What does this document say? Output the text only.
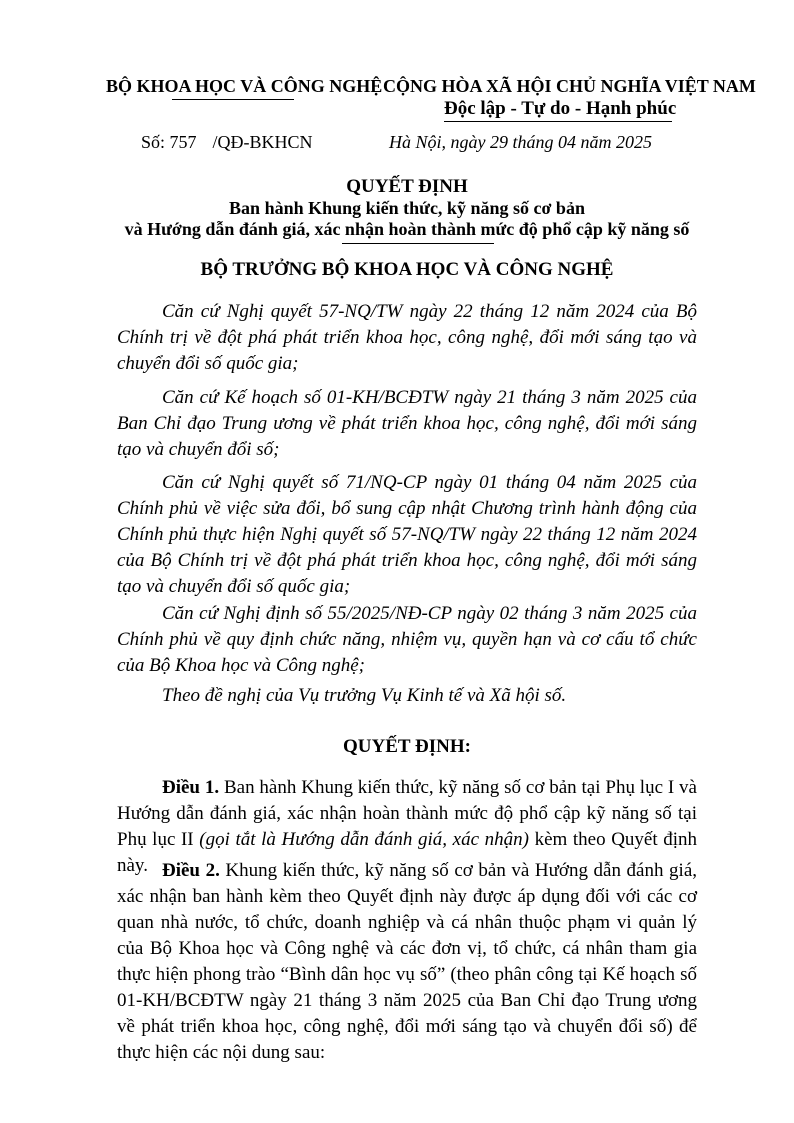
BỘ KHOA HỌC VÀ CÔNG NGHỆ CỘNG HÒA XÃ HỘI CHỦ NGHĨA VIỆT NAM
Độc lập - Tự do - Hạnh phúc
Số: 757 /QĐ-BKHCN	Hà Nội, ngày 29 tháng 04 năm 2025
QUYẾT ĐỊNH
Ban hành Khung kiến thức, kỹ năng số cơ bản
và Hướng dẫn đánh giá, xác nhận hoàn thành mức độ phổ cập kỹ năng số
BỘ TRƯỞNG BỘ KHOA HỌC VÀ CÔNG NGHỆ
Căn cứ Nghị quyết 57-NQ/TW ngày 22 tháng 12 năm 2024 của Bộ Chính trị về đột phá phát triển khoa học, công nghệ, đổi mới sáng tạo và chuyển đổi số quốc gia;
Căn cứ Kế hoạch số 01-KH/BCĐTW ngày 21 tháng 3 năm 2025 của Ban Chỉ đạo Trung ương về phát triển khoa học, công nghệ, đổi mới sáng tạo và chuyển đổi số;
Căn cứ Nghị quyết số 71/NQ-CP ngày 01 tháng 04 năm 2025 của Chính phủ về việc sửa đổi, bổ sung cập nhật Chương trình hành động của Chính phủ thực hiện Nghị quyết số 57-NQ/TW ngày 22 tháng 12 năm 2024 của Bộ Chính trị về đột phá phát triển khoa học, công nghệ, đổi mới sáng tạo và chuyển đổi số quốc gia;
Căn cứ Nghị định số 55/2025/NĐ-CP ngày 02 tháng 3 năm 2025 của Chính phủ về quy định chức năng, nhiệm vụ, quyền hạn và cơ cấu tổ chức của Bộ Khoa học và Công nghệ;
Theo đề nghị của Vụ trưởng Vụ Kinh tế và Xã hội số.
QUYẾT ĐỊNH:
Điều 1. Ban hành Khung kiến thức, kỹ năng số cơ bản tại Phụ lục I và Hướng dẫn đánh giá, xác nhận hoàn thành mức độ phổ cập kỹ năng số tại Phụ lục II (gọi tắt là Hướng dẫn đánh giá, xác nhận) kèm theo Quyết định này. Điều 2. Khung kiến thức, kỹ năng số cơ bản và Hướng dẫn đánh giá, xác nhận ban hành kèm theo Quyết định này được áp dụng đối với các cơ quan nhà nước, tổ chức, doanh nghiệp và cá nhân thuộc phạm vi quản lý của Bộ Khoa học và Công nghệ và các đơn vị, tổ chức, cá nhân tham gia thực hiện phong trào “Bình dân học vụ số” (theo phân công tại Kế hoạch số 01-KH/BCĐTW ngày 21 tháng 3 năm 2025 của Ban Chỉ đạo Trung ương về phát triển khoa học, công nghệ, đổi mới sáng tạo và chuyển đổi số) để thực hiện các nội dung sau:
